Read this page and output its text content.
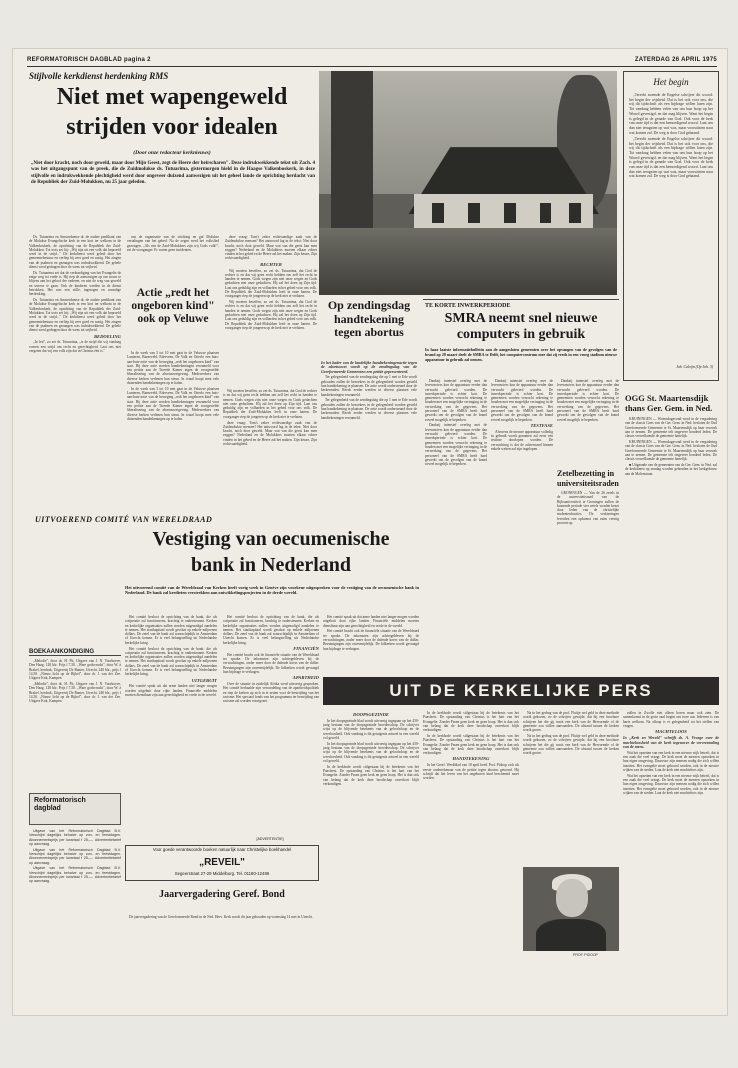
REFORMATORISCH DAGBLAD pagina 2	ZATERDAG 26 APRIL 1975
Stijlvolle kerkdienst herdenking RMS
Niet met wapengeweld
strijden voor idealen
(Door onze redacteur kerknieuws)
„Niet door kracht, noch door geweld, maar door Mijn Geest, zegt de Heere der heirscharen". Deze indrukwekkende tekst uit Zach. 4 was het uitgangspunt van de preek, die de Zuidmolukse ds. Tutuarima, gistermorgen hield in de Haagse Valkenboskerk, in deze stijlvolle en indrukwekkende plechtigheid werd door ongeveer duizend aanwezigen uit het geheel lande de oprichting herdacht van de Republiek der Zuid-Molukken, nu 25 jaar geleden.

Ds. Tutuarima en Amsterdamse dr. de oudste predikant van de Molukse Evangelische kerk in een kort ter welkom in de Valkenboskerk, de oprichting van de Republiek der Zuid-Molukken. Tot trots zei hij: „Wij zijn uit een volk dat beproefd werd in de strijd..." De kerkdienst werd geleid door het gemeentebestuur en verliep bij zeer goed en rustig. Het zingen van de psalmen en gezangen was indrukwekkend. De gehele dienst werd gedragen door de wens tot vrijheid.

Ds. Tutuarima zei dat de verkondiging van het Evangelie de enige weg tot vrede is. Hij riep de aanwezigen op om trouw te blijven aan het geloof der vaderen, en niet de weg van geweld en terreur te gaan. Ook de kinderen werden in de dienst betrokken. Het was een stille, ingetogen en waardige herdenking.

Ds. Tutuarima en Amsterdamse dr. de oudste predikant van de Molukse Evangelische kerk in een kort ter welkom in de Valkenboskerk, de oprichting van de Republiek der Zuid-Molukken. Tot trots zei hij: „Wij zijn uit een volk dat beproefd werd in de strijd..." De kerkdienst werd geleid door het gemeentebestuur en verliep bij zeer goed en rustig. Het zingen van de psalmen en gezangen was indrukwekkend. De gehele dienst werd gedragen door de wens tot vrijheid.

BEDOELING

„In feit", zo zei ds. Tutuarima, „is de strijd die wij vandaag voeren een strijd om recht en gerechtigheid. Laat ons niet vergeten dat wij een volk zijn dat in Christus één is."

ons de organisatie van de stichting en gaf Molukse vertalingen van het gebed. Na de zegen werd het volkslied gezongen. „Als een de Zuid-Molukkers zijn wij Gods volk!", zei de voorganger. Er waren geen incidenten.

deze vraag: Tom's zeker rechtvaardige zaak van de Zuidmolukse mensen? Het antwoord lag in de tekst: Niet door kracht, noch door geweld. Maar wat van die geest kan men zeggen? Nederland en de Molukkers moeten elkaar echter vinden in het gebed en de Heere zal het maken. Zijn keuze, Zijn rechtvaardigheid.

RECHTER

Wij moeten beseffen, zo zei ds. Tutuarima, dat God de rechter is en dat wij geen recht hebben om zelf het recht in handen te nemen. Gods wegen zijn niet onze wegen en Gods gedachten niet onze gedachten. Hij zal het doen op Zijn tijd. Laat ons geduldig zijn en volharden in het gebed voor ons volk. De Republiek der Zuid-Molukken leeft in onze harten. De voorganger riep de jongeren op de kerk niet te verlaten.

Wij moeten beseffen, zo zei ds. Tutuarima, dat God de rechter is en dat wij geen recht hebben om zelf het recht in handen te nemen. Gods wegen zijn niet onze wegen en Gods gedachten niet onze gedachten. Hij zal het doen op Zijn tijd. Laat ons geduldig zijn en volharden in het gebed voor ons volk. De Republiek der Zuid-Molukken leeft in onze harten. De voorganger riep de jongeren op de kerk niet te verlaten.

Actie „redt het ongeboren kind" ook op Veluwe

In de week van 3 tot 10 mei gaat in de Veluwse plaatsen Lunteren, Barneveld, Ederveen, De Valk en Otterlo een huis-aan-huis-actie van de beweging „redt het ongeboren kind" van start. Bij deze actie worden handtekeningen verzameld voor een petitie aan de Tweede Kamer tegen de voorgestelde liberalisering van de abortuswetgeving. Medewerkers van diverse kerken verlenen hun steun. In totaal hoopt men vele duizenden handtekeningen op te halen.

In de week van 3 tot 10 mei gaat in de Veluwse plaatsen Lunteren, Barneveld, Ederveen, De Valk en Otterlo een huis-aan-huis-actie van de beweging „redt het ongeboren kind" van start. Bij deze actie worden handtekeningen verzameld voor een petitie aan de Tweede Kamer tegen de voorgestelde liberalisering van de abortuswetgeving. Medewerkers van diverse kerken verlenen hun steun. In totaal hoopt men vele duizenden handtekeningen op te halen.

Op zendingsdag handtekening tegen abortus

In het kader van de landelijke handtekeningenactie tegen de abortuswet wordt op de zendingsdag van de Gereformeerde Gemeenten een petitie gepresenteerd.

Ter gelegenheid van de zendingsdag die op 1 mei te Ede wordt gehouden zullen de bezoekers in de gelegenheid worden gesteld hun handtekening te plaatsen. De actie wordt ondersteund door de kerkenraden. Reeds eerder werden in diverse plaatsen vele handtekeningen verzameld.

Ter gelegenheid van de zendingsdag die op 1 mei te Ede wordt gehouden zullen de bezoekers in de gelegenheid worden gesteld hun handtekening te plaatsen. De actie wordt ondersteund door de kerkenraden. Reeds eerder werden in diverse plaatsen vele handtekeningen verzameld.

Wij moeten beseffen, zo zei ds. Tutuarima, dat God de rechter is en dat wij geen recht hebben om zelf het recht in handen te nemen. Gods wegen zijn niet onze wegen en Gods gedachten niet onze gedachten. Hij zal het doen op Zijn tijd. Laat ons geduldig zijn en volharden in het gebed voor ons volk. De Republiek der Zuid-Molukken leeft in onze harten. De voorganger riep de jongeren op de kerk niet te verlaten.

deze vraag: Tom's zeker rechtvaardige zaak van de Zuidmolukse mensen? Het antwoord lag in de tekst: Niet door kracht, noch door geweld. Maar wat van die geest kan men zeggen? Nederland en de Molukkers moeten elkaar echter vinden in het gebed en de Heere zal het maken. Zijn keuze, Zijn rechtvaardigheid.

TE KORTE INWERKPERIODE
SMRA neemt snel nieuwe computers in gebruik
In haar laatste informatiebulletin aan de aangesloten gemeenten over het opvangen van de gevolgen van de brand op 28 maart deelt de SMRA te Delft, het computercentrum mee dat zij reeds in een vroeg stadium nieuwe apparatuur in gebruik zal nemen.

Dankzij intensief overleg met de leveranciers kon de apparatuur eerder dan verwacht geleverd worden. De inwerkperiode is echter kort. De gemeenten worden verzocht rekening te houden met een mogelijke vertraging in de verwerking van de gegevens. Het personeel van de SMRA heeft hard gewerkt om de gevolgen van de brand zoveel mogelijk te beperken.

Dankzij intensief overleg met de leveranciers kon de apparatuur eerder dan verwacht geleverd worden. De inwerkperiode is echter kort. De gemeenten worden verzocht rekening te houden met een mogelijke vertraging in de verwerking van de gegevens. Het personeel van de SMRA heeft hard gewerkt om de gevolgen van de brand zoveel mogelijk te beperken.

Dankzij intensief overleg met de leveranciers kon de apparatuur eerder dan verwacht geleverd worden. De inwerkperiode is echter kort. De gemeenten worden verzocht rekening te houden met een mogelijke vertraging in de verwerking van de gegevens. Het personeel van de SMRA heeft hard gewerkt om de gevolgen van de brand zoveel mogelijk te beperken.

TESTFASE

Alvorens de nieuwe apparatuur volledig in gebruik wordt genomen zal eerst een testfase doorlopen worden. De verwachting is dat de achterstand binnen enkele weken zal zijn ingelopen.

Dankzij intensief overleg met de leveranciers kon de apparatuur eerder dan verwacht geleverd worden. De inwerkperiode is echter kort. De gemeenten worden verzocht rekening te houden met een mogelijke vertraging in de verwerking van de gegevens. Het personeel van de SMRA heeft hard gewerkt om de gevolgen van de brand zoveel mogelijk te beperken.

Zetelbezetting in universiteitsraden

GRONINGEN — Van de 26 zetels in de universiteitsraad van de Rijksuniversiteit te Groningen zullen de komende periode vier zetels worden bezet door leden van de christelijke studentenfracties. De verkiezingen leverden een opkomst van ruim veertig procent op.

Het begin

„Terecht noemde de Engelse schrijver dit woord: het begin der wijsheid. Dat is het ook voor ons, die wij dit tijdschrift als een bijdrage willen laten zijn. Tot vandaag hebben velen van ons hun hoop op het Woord gevestigd, en dat mag blijven. Want het begin is gelegd in de genade van God. Ook voor de kerk van onze tijd is dat een bemoedigend woord. Laat ons dan niet terugzien op wat was, maar vooruitzien naar wat komen zal. De weg is door God gebaand.

„Terecht noemde de Engelse schrijver dit woord: het begin der wijsheid. Dat is het ook voor ons, die wij dit tijdschrift als een bijdrage willen laten zijn. Tot vandaag hebben velen van ons hun hoop op het Woord gevestigd, en dat mag blijven. Want het begin is gelegd in de genade van God. Ook voor de kerk van onze tijd is dat een bemoedigend woord. Laat ons dan niet terugzien op wat was, maar vooruitzien naar wat komen zal. De weg is door God gebaand.

Joh. Calvijn (Op Joh. 3)
OGG St. Maartensdijk thans Ger. Gem. in Ned.

KRUININGEN — Woensdagavond werd in de vergadering van de classis Goes van de Ger. Gem. in Ned. besloten de Oud Gereformeerde Gemeente te St. Maartensdijk op haar verzoek aan te nemen. De gemeente telt ongeveer honderd leden. De classis verwelkomde de gemeente hartelijk.

KRUININGEN — Woensdagavond werd in de vergadering van de classis Goes van de Ger. Gem. in Ned. besloten de Oud Gereformeerde Gemeente te St. Maartensdijk op haar verzoek aan te nemen. De gemeente telt ongeveer honderd leden. De classis verwelkomde de gemeente hartelijk.

■ Uitgaande van de gemeenten van de Ger. Gem. in Ned. zal de kerkdienst op zondag worden gehouden in het kerkgebouw aan de Molenstraat.

UITVOEREND COMITÉ VAN WERELDRAAD
Vestiging van oecumenische
bank in Nederland
Het uitvoerend comité van de Wereldraad van Kerken heeft vorig week in Genève zijn voorkeur uitgesproken voor de vestiging van de oecumenische bank in Nederland. De bank zal kredieten verstrekken aan ontwikkelingsprojecten in de derde wereld.

Het comité besloot de oprichting van de bank, die als coöperatie zal functioneren, krachtig te ondersteunen. Kerken en kerkelijke organisaties zullen worden uitgenodigd aandelen te nemen. Het startkapitaal wordt geschat op enkele miljoenen dollars. De zetel van de bank zal waarschijnlijk in Amsterdam of Utrecht komen. Er is veel belangstelling uit Nederlandse kerkelijke kring.

Het comité besloot de oprichting van de bank, die als coöperatie zal functioneren, krachtig te ondersteunen. Kerken en kerkelijke organisaties zullen worden uitgenodigd aandelen te nemen. Het startkapitaal wordt geschat op enkele miljoenen dollars. De zetel van de bank zal waarschijnlijk in Amsterdam of Utrecht komen. Er is veel belangstelling uit Nederlandse kerkelijke kring.

UITGEBUIT

Het comité sprak uit dat arme landen niet langer mogen worden uitgebuit door rijke landen. Financiële middelen moeten dienstbaar zijn aan gerechtigheid en vrede in de wereld.

Het comité besloot de oprichting van de bank, die als coöperatie zal functioneren, krachtig te ondersteunen. Kerken en kerkelijke organisaties zullen worden uitgenodigd aandelen te nemen. Het startkapitaal wordt geschat op enkele miljoenen dollars. De zetel van de bank zal waarschijnlijk in Amsterdam of Utrecht komen. Er is veel belangstelling uit Nederlandse kerkelijke kring.

FINANCIËN

Het comité bracht ook de financiële situatie van de Wereldraad ter sprake. De inkomsten zijn achtergebleven bij de verwachtingen, onder meer door de dalende koers van de dollar. Bezuinigingen zijn onvermijdelijk. De lidkerken wordt gevraagd hun bijdrage te verhogen.

APARTHEID

Over de situatie in zuidelijk Afrika werd uitvoerig gesproken. Het comité herhaalde zijn veroordeling van de apartheidspolitiek en riep de kerken op zich in te zetten voor de bestrijding van het racisme. Het speciaal fonds van het programma ter bestrijding van racisme zal worden voortgezet.

Het comité sprak uit dat arme landen niet langer mogen worden uitgebuit door rijke landen. Financiële middelen moeten dienstbaar zijn aan gerechtigheid en vrede in de wereld.

Het comité bracht ook de financiële situatie van de Wereldraad ter sprake. De inkomsten zijn achtergebleven bij de verwachtingen, onder meer door de dalende koers van de dollar. Bezuinigingen zijn onvermijdelijk. De lidkerken wordt gevraagd hun bijdrage te verhogen.

BOEKAANKONDIGING

„Melodie", door ds. H. Pit, Uitgave van J. N. Voorhoeve, Den Haag. 128 blz. Prijs f 7,50. „Ware godsvrucht", door W. à Brakel, herdruk, Uitgeverij De Banier, Utrecht. 240 blz., prijs f 14,50. „Nieuw licht op de Bijbel", door dr. J. van der Zee. Uitgave Kok, Kampen.

„Melodie", door ds. H. Pit, Uitgave van J. N. Voorhoeve, Den Haag. 128 blz. Prijs f 7,50. „Ware godsvrucht", door W. à Brakel, herdruk, Uitgeverij De Banier, Utrecht. 240 blz., prijs f 14,50. „Nieuw licht op de Bijbel", door dr. J. van der Zee. Uitgave Kok, Kampen.

Reformatorisch dagblad

Uitgave van het Reformatorisch Dagblad B.V. Verschijnt dagelijks behalve op zon- en feestdagen. Abonnementsprijs per kwartaal f 25,—. Advertentietarief op aanvraag.

Uitgave van het Reformatorisch Dagblad B.V. Verschijnt dagelijks behalve op zon- en feestdagen. Abonnementsprijs per kwartaal f 25,—. Advertentietarief op aanvraag.

Uitgave van het Reformatorisch Dagblad B.V. Verschijnt dagelijks behalve op zon- en feestdagen. Abonnementsprijs per kwartaal f 25,—. Advertentietarief op aanvraag.

[ADVERTENTIE]
Voor goede verantwoorde boeken natuurlijk naar Christelijke boekhandel
„REVEIL"
Segeerstraat 27-29 Middelburg. Tel. 01180-12486
Jaarvergadering Geref. Bond

De jaarvergadering van de Gereformeerde Bond in de Ned. Herv. Kerk wordt dit jaar gehouden op woensdag 14 mei in Utrecht.

UIT DE KERKELIJKE PERS

DOOPSGEZINDE

In het doopsgezinde blad wordt uitvoerig ingegaan op het 450-jarig bestaan van de doopsgezinde broederschap. De schrijver wijst op de blijvende betekenis van de geloofsdoop en de weerloosheid. Ook vandaag is dit getuigenis actueel in een wereld vol geweld.

In het doopsgezinde blad wordt uitvoerig ingegaan op het 450-jarig bestaan van de doopsgezinde broederschap. De schrijver wijst op de blijvende betekenis van de geloofsdoop en de weerloosheid. Ook vandaag is dit getuigenis actueel in een wereld vol geweld.

In de kerkbode wordt stilgestaan bij de betekenis van het Paasfeest. De opstanding van Christus is het hart van het Evangelie. Zonder Pasen geen kerk en geen hoop. Het is dan ook van belang dat de kerk deze boodschap onverkort blijft verkondigen.

In de kerkbode wordt stilgestaan bij de betekenis van het Paasfeest. De opstanding van Christus is het hart van het Evangelie. Zonder Pasen geen kerk en geen hoop. Het is dan ook van belang dat de kerk deze boodschap onverkort blijft verkondigen.

In de kerkbode wordt stilgestaan bij de betekenis van het Paasfeest. De opstanding van Christus is het hart van het Evangelie. Zonder Pasen geen kerk en geen hoop. Het is dan ook van belang dat de kerk deze boodschap onverkort blijft verkondigen.

HANDTEKENING

In het Geref. Weekblad van 18 april heeft Prof. Pidoop zich als eerste ondertekenaar van de petitie tegen abortus getoond. Hij schrijft dat het leven van het ongeboren kind beschermd moet worden.

Na in het gedrag van de prof. Fluitje wel geld in deze methode wordt gekozen, zo de schrijver gewijde, dat hij een brochure schrijven het die gij nooit een kerk van de Hervormde of de gemeente zou willen aanvaarden. De afstand tussen de kerken wordt groter.

Na in het gedrag van de prof. Fluitje wel geld in deze methode wordt gekozen, zo de schrijver gewijde, dat hij een brochure schrijven het die gij nooit een kerk van de Hervormde of de gemeente zou willen aanvaarden. De afstand tussen de kerken wordt groter.

PROF. PIDOOP

zullen in Zwolle niet alleen horen maar ook zien. De samenkomst in de grote zaal begint om twee uur. Iedereen is van harte welkom. Na afloop is er gelegenheid tot het stellen van vragen.

MACHTELOOS

In „Kerk en Wereld" schrijft ds. A. Vroege over de machteloosheid van de kerk tegenover de vervreemding van de mens.

Wat het opzetten van een kerk in een nieuwe wijk betreft, dat is een zaak die veel vraagt. De kerk moet de mensen opzoeken in hun eigen omgeving. Daarvoor zijn mensen nodig die zich willen inzetten. Het evangelie moet gehoord worden, ook in de nieuwe wijken van de steden. Laat de kerk niet machteloos zijn.

Wat het opzetten van een kerk in een nieuwe wijk betreft, dat is een zaak die veel vraagt. De kerk moet de mensen opzoeken in hun eigen omgeving. Daarvoor zijn mensen nodig die zich willen inzetten. Het evangelie moet gehoord worden, ook in de nieuwe wijken van de steden. Laat de kerk niet machteloos zijn.
